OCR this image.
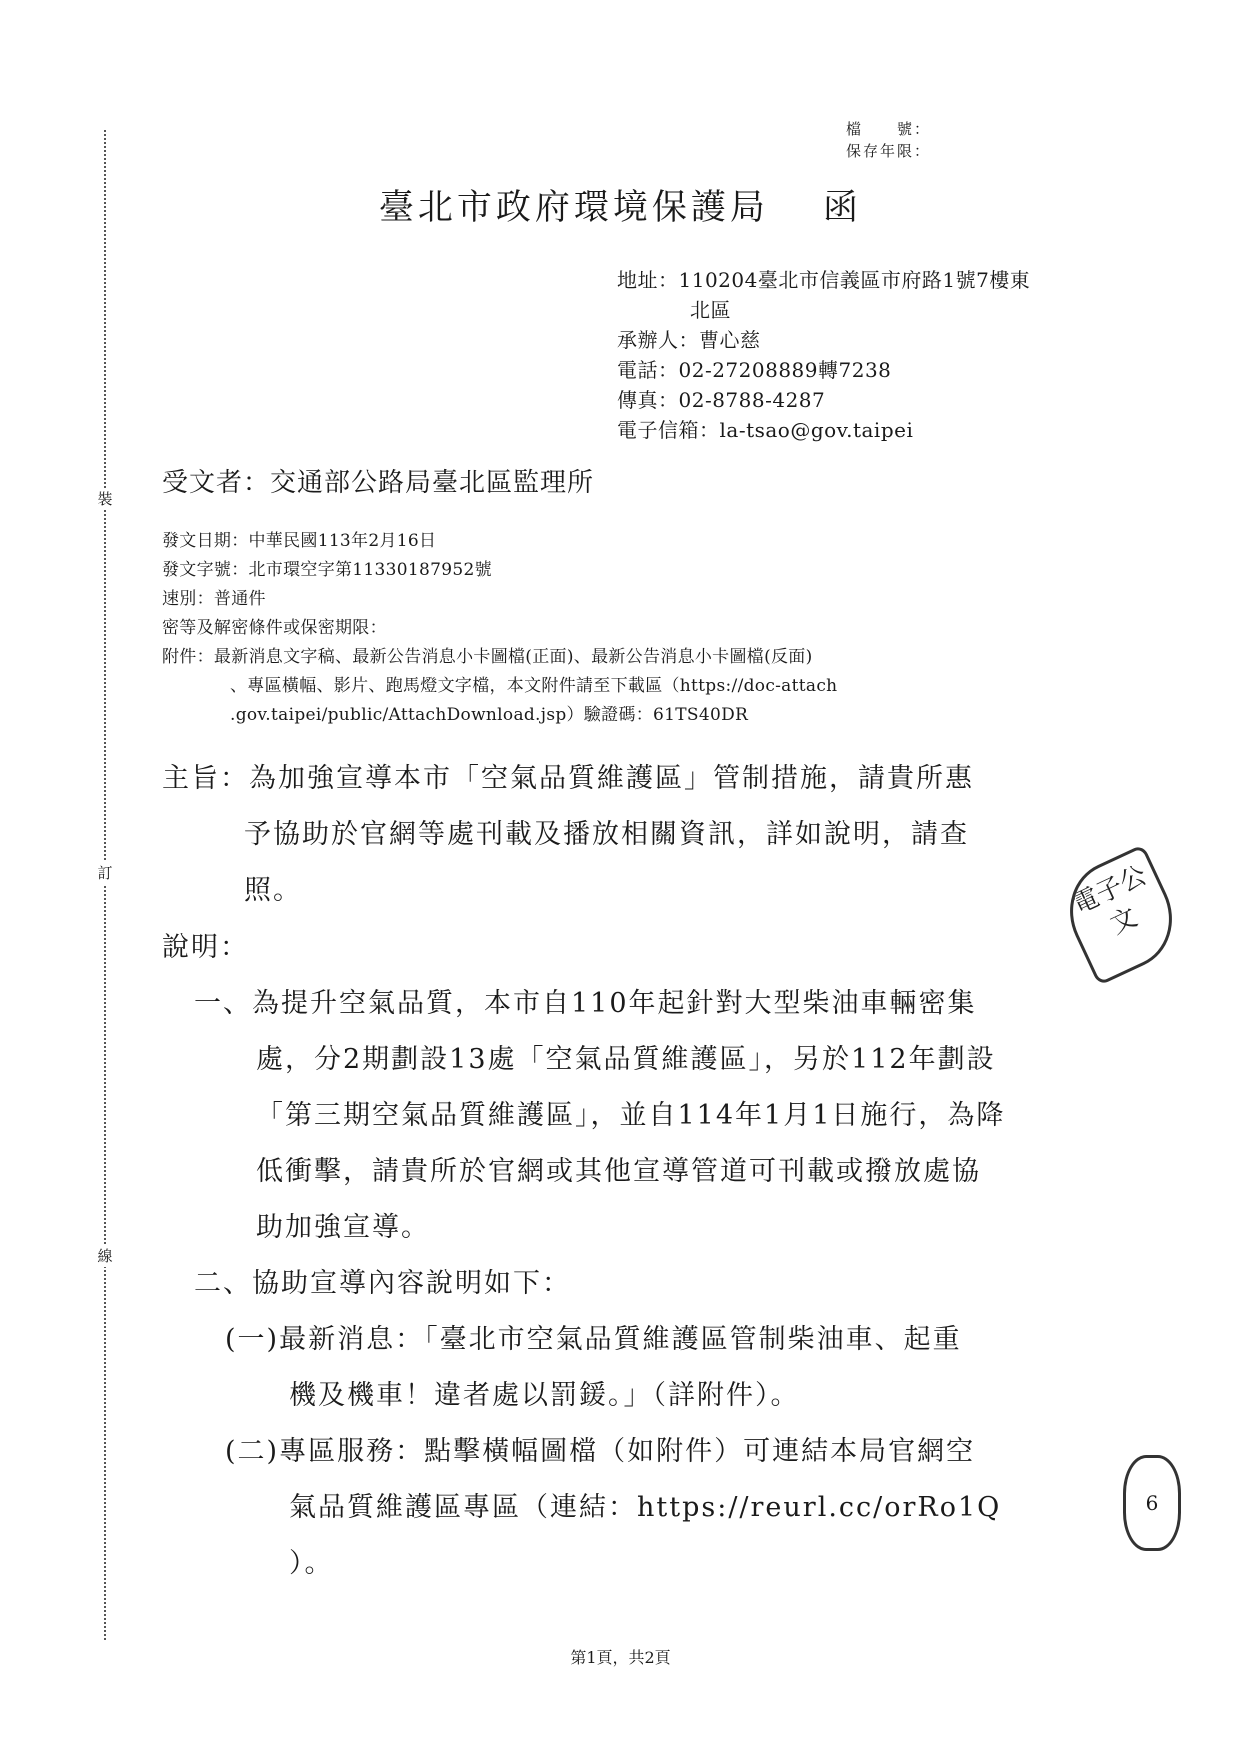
裝
訂
線
檔　　號：
保存年限：
臺北市政府環境保護局　 函
地址：110204臺北市信義區市府路1號7樓東
北區
承辦人：曹心慈
電話：02-27208889轉7238
傳真：02-8788-4287
電子信箱：la-tsao@gov.taipei
受文者：交通部公路局臺北區監理所
發文日期：中華民國113年2月16日
發文字號：北市環空字第11330187952號
速別：普通件
密等及解密條件或保密期限：
附件：最新消息文字稿、最新公告消息小卡圖檔(正面)、最新公告消息小卡圖檔(反面)
、專區橫幅、影片、跑馬燈文字檔，本文附件請至下載區（https://doc-attach
.gov.taipei/public/AttachDownload.jsp）驗證碼：61TS40DR
主旨：為加強宣導本市「空氣品質維護區」管制措施，請貴所惠
予協助於官網等處刊載及播放相關資訊，詳如說明，請查
照。
說明：
一、為提升空氣品質，本市自110年起針對大型柴油車輛密集
處，分2期劃設13處「空氣品質維護區」，另於112年劃設
「第三期空氣品質維護區」，並自114年1月1日施行，為降
低衝擊，請貴所於官網或其他宣導管道可刊載或撥放處協
助加強宣導。
二、協助宣導內容說明如下：
(一)最新消息：「臺北市空氣品質維護區管制柴油車、起重
機及機車！違者處以罰鍰。」（詳附件）。
(二)專區服務：點擊橫幅圖檔（如附件）可連結本局官網空
氣品質維護區專區（連結：https://reurl.cc/orRo1Q
）。
電子公文
6
第1頁，共2頁
